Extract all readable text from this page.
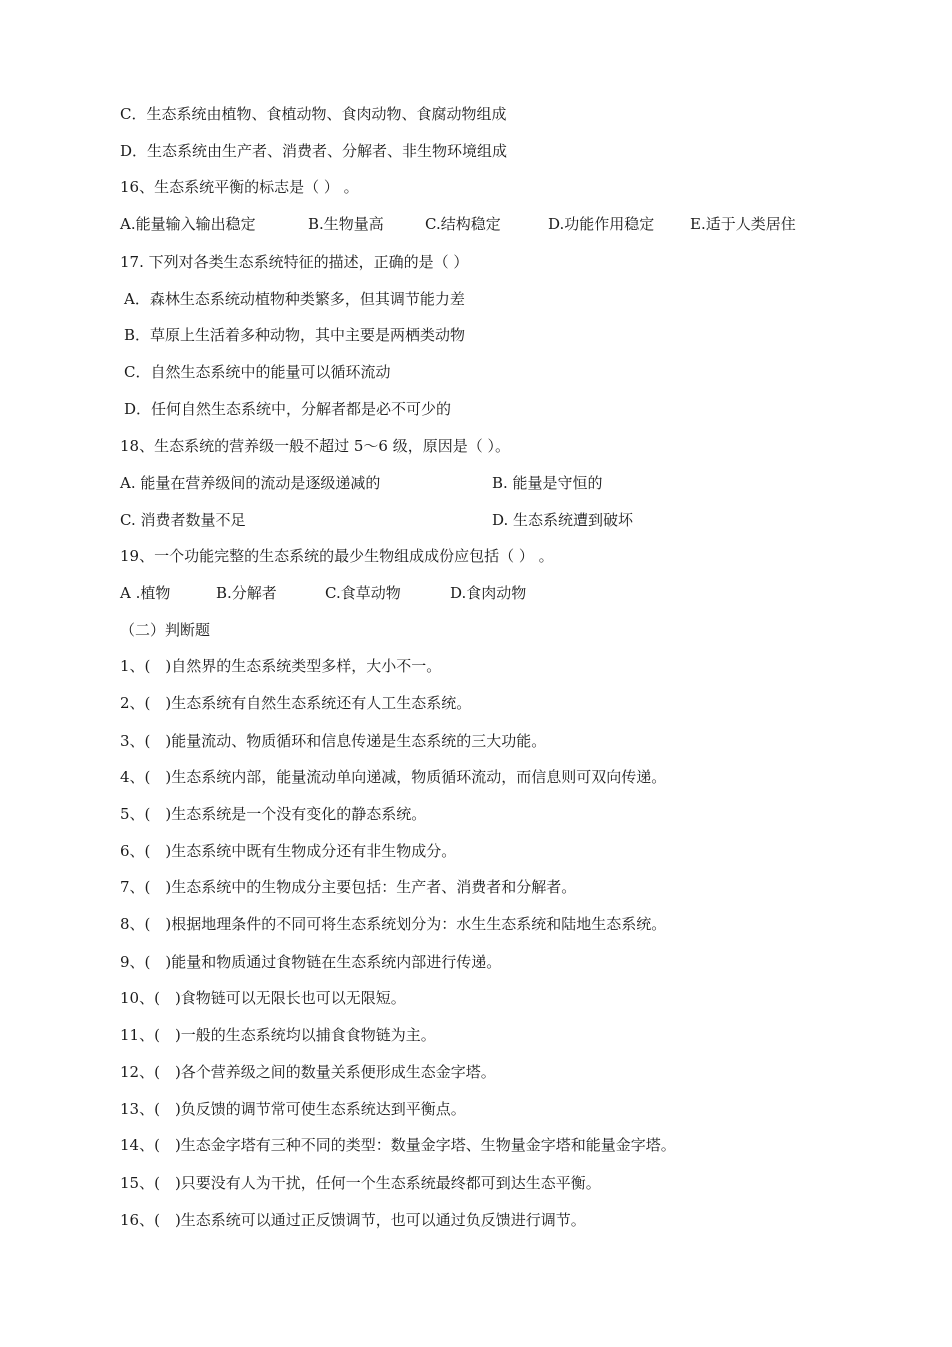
C．生态系统由植物、食植动物、食肉动物、食腐动物组成
D．生态系统由生产者、消费者、分解者、非生物环境组成
16、生态系统平衡的标志是（ ） 。
A.能量输入输出稳定	B.生物量高	C.结构稳定	D.功能作用稳定 E.适于人类居住
17. 下列对各类生态系统特征的描述，正确的是（ ）
A．森林生态系统动植物种类繁多，但其调节能力差
B．草原上生活着多种动物，其中主要是两栖类动物
C．自然生态系统中的能量可以循环流动
D．任何自然生态系统中，分解者都是必不可少的
18、生态系统的营养级一般不超过 5～6 级，原因是（ ）。
A. 能量在营养级间的流动是逐级递减的	B. 能量是守恒的
C. 消费者数量不足	D. 生态系统遭到破坏
19、一个功能完整的生态系统的最少生物组成成份应包括（ ） 。
A .植物	B.分解者	C.食草动物	D.食肉动物
（二）判断题
1、(　)自然界的生态系统类型多样，大小不一。
2、(　)生态系统有自然生态系统还有人工生态系统。
3、(　)能量流动、物质循环和信息传递是生态系统的三大功能。
4、(　)生态系统内部，能量流动单向递减，物质循环流动，而信息则可双向传递。
5、(　)生态系统是一个没有变化的静态系统。
6、(　)生态系统中既有生物成分还有非生物成分。
7、(　)生态系统中的生物成分主要包括：生产者、消费者和分解者。
8、(　)根据地理条件的不同可将生态系统划分为：水生生态系统和陆地生态系统。
9、(　)能量和物质通过食物链在生态系统内部进行传递。
10、(　)食物链可以无限长也可以无限短。
11、(　)一般的生态系统均以捕食食物链为主。
12、(　)各个营养级之间的数量关系便形成生态金字塔。
13、(　)负反馈的调节常可使生态系统达到平衡点。
14、(　)生态金字塔有三种不同的类型：数量金字塔、生物量金字塔和能量金字塔。
15、(　)只要没有人为干扰，任何一个生态系统最终都可到达生态平衡。
16、(　)生态系统可以通过正反馈调节，也可以通过负反馈进行调节。
